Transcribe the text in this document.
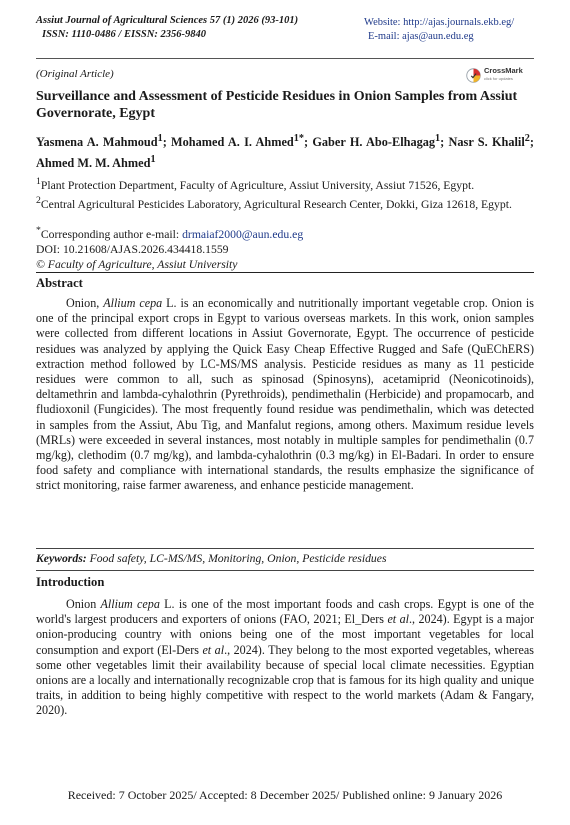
Assiut Journal of Agricultural Sciences 57 (1) 2026 (93-101)
ISSN: 1110-0486 / EISSN: 2356-9840
Website: http://ajas.journals.ekb.eg/
E-mail: ajas@aun.edu.eg
(Original Article)	CrossMark
click for updates
Surveillance and Assessment of Pesticide Residues in Onion Samples from Assiut Governorate, Egypt
Yasmena A. Mahmoud$^1$; Mohamed A. I. Ahmed$^{1*}$; Gaber H. Abo-Elhagag$^1$; Nasr S. Khalil$^2$; Ahmed M. M. Ahmed$^1$
$^1$Plant Protection Department, Faculty of Agriculture, Assiut University, Assiut 71526, Egypt.
$^2$Central Agricultural Pesticides Laboratory, Agricultural Research Center, Dokki, Giza 12618, Egypt.
*Corresponding author e-mail: drmaiaf2000@aun.edu.eg
DOI: 10.21608/AJAS.2026.434418.1559
© Faculty of Agriculture, Assiut University
Abstract

Onion, Allium cepa L. is an economically and nutritionally important vegetable crop. Onion is one of the principal export crops in Egypt to various overseas markets. In this work, onion samples were collected from different locations in Assiut Governorate, Egypt. The occurrence of pesticide residues was analyzed by applying the Quick Easy Cheap Effective Rugged and Safe (QuEChERS) extraction method followed by LC-MS/MS analysis. Pesticide residues as many as 11 pesticide residues were common to all, such as spinosad (Spinosyns), acetamiprid (Neonicotinoids), deltamethrin and lambda-cyhalothrin (Pyrethroids), pendimethalin (Herbicide) and propamocarb, and fludioxonil (Fungicides). The most frequently found residue was pendimethalin, which was detected in samples from the Assiut, Abu Tig, and Manfalut regions, among others. Maximum residue levels (MRLs) were exceeded in several instances, most notably in multiple samples for pendimethalin (0.7 mg/kg), clethodim (0.7 mg/kg), and lambda-cyhalothrin (0.3 mg/kg) in El-Badari. In order to ensure food safety and compliance with international standards, the results emphasize the significance of strict monitoring, raise farmer awareness, and enhance pesticide management.

Keywords: Food safety, LC-MS/MS, Monitoring, Onion, Pesticide residues
Introduction

Onion Allium cepa L. is one of the most important foods and cash crops. Egypt is one of the world's largest producers and exporters of onions (FAO, 2021; El_Ders et al., 2024). Egypt is a major onion-producing country with onions being one of the most important vegetables for local consumption and export (El-Ders et al., 2024). They belong to the most exported vegetables, whereas some other vegetables limit their availability because of special local climate necessities. Egyptian onions are a locally and internationally recognizable crop that is famous for its high quality and unique traits, in addition to being highly competitive with respect to the world markets (Adam & Fangary, 2020).

Received: 7 October 2025/ Accepted: 8 December 2025/ Published online: 9 January 2026
